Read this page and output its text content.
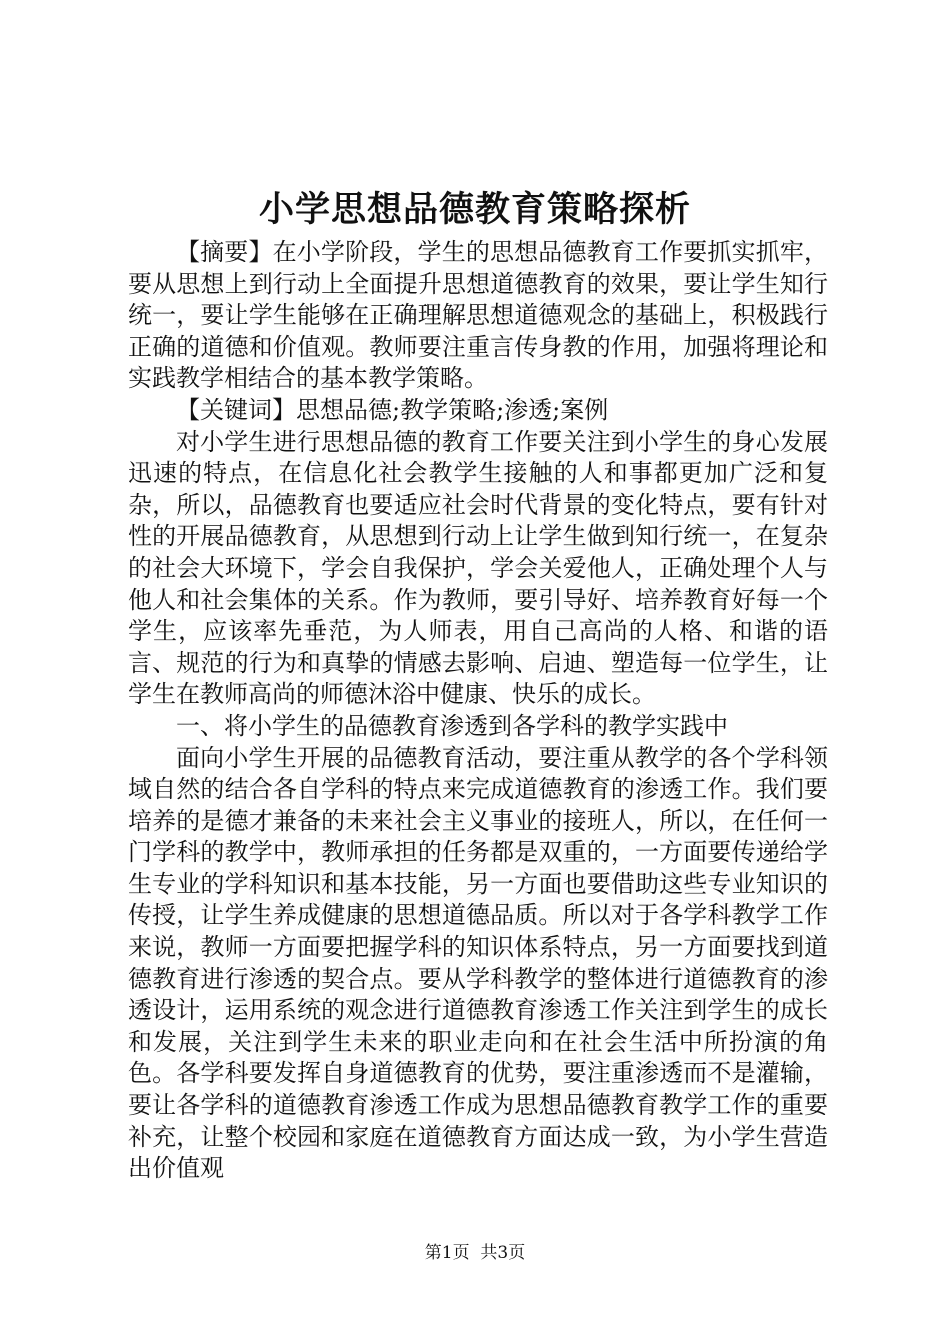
小学思想品德教育策略探析

【摘要】在小学阶段，学生的思想品德教育工作要抓实抓牢，要从思想上到行动上全面提升思想道德教育的效果，要让学生知行统一，要让学生能够在正确理解思想道德观念的基础上，积极践行正确的道德和价值观。教师要注重言传身教的作用，加强将理论和实践教学相结合的基本教学策略。

【关键词】思想品德;教学策略;渗透;案例

对小学生进行思想品德的教育工作要关注到小学生的身心发展迅速的特点，在信息化社会教学生接触的人和事都更加广泛和复杂，所以，品德教育也要适应社会时代背景的变化特点，要有针对性的开展品德教育，从思想到行动上让学生做到知行统一，在复杂的社会大环境下，学会自我保护，学会关爱他人，正确处理个人与他人和社会集体的关系。作为教师，要引导好、培养教育好每一个学生，应该率先垂范，为人师表，用自己高尚的人格、和谐的语言、规范的行为和真挚的情感去影响、启迪、塑造每一位学生，让学生在教师高尚的师德沐浴中健康、快乐的成长。

一、将小学生的品德教育渗透到各学科的教学实践中

面向小学生开展的品德教育活动，要注重从教学的各个学科领域自然的结合各自学科的特点来完成道德教育的渗透工作。我们要培养的是德才兼备的未来社会主义事业的接班人，所以，在任何一门学科的教学中，教师承担的任务都是双重的，一方面要传递给学生专业的学科知识和基本技能，另一方面也要借助这些专业知识的传授，让学生养成健康的思想道德品质。所以对于各学科教学工作来说，教师一方面要把握学科的知识体系特点，另一方面要找到道德教育进行渗透的契合点。要从学科教学的整体进行道德教育的渗透设计，运用系统的观念进行道德教育渗透工作关注到学生的成长和发展，关注到学生未来的职业走向和在社会生活中所扮演的角色。各学科要发挥自身道德教育的优势，要注重渗透而不是灌输，要让各学科的道德教育渗透工作成为思想品德教育教学工作的重要补充，让整个校园和家庭在道德教育方面达成一致，为小学生营造出价值观

第1页 共3页
